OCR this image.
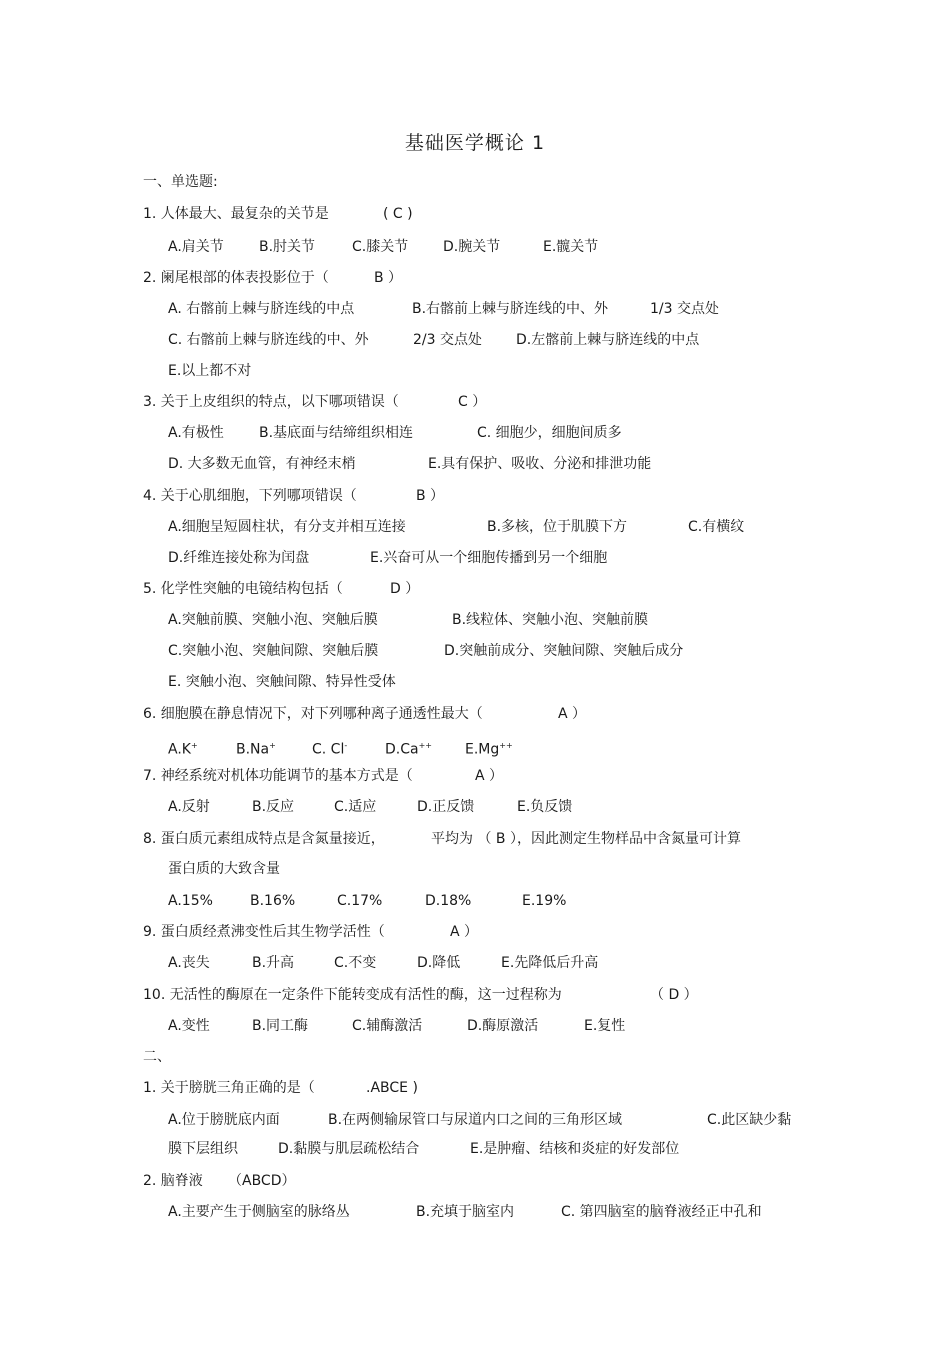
基础医学概论 1
一、单选题:
1. 人体最大、最复杂的关节是	( C )
A.肩关节	B.肘关节	C.膝关节 D.腕关节	E.髋关节
2. 阑尾根部的体表投影位于（	B ）
A. 右髂前上棘与脐连线的中点	B.右髂前上棘与脐连线的中、外	1/3 交点处
C. 右髂前上棘与脐连线的中、外	2/3 交点处 D.左髂前上棘与脐连线的中点
E.以上都不对
3. 关于上皮组织的特点，以下哪项错误（	C ）
A.有极性	B.基底面与结缔组织相连	C. 细胞少，细胞间质多
D. 大多数无血管，有神经末梢	E.具有保护、吸收、分泌和排泄功能
4. 关于心肌细胞，下列哪项错误（	B ）
A.细胞呈短圆柱状，有分支并相互连接	B.多核，位于肌膜下方	C.有横纹
D.纤维连接处称为闰盘	E.兴奋可从一个细胞传播到另一个细胞
5. 化学性突触的电镜结构包括（	D ）
A.突触前膜、突触小泡、突触后膜	B.线粒体、突触小泡、突触前膜
C.突触小泡、突触间隙、突触后膜	D.突触前成分、突触间隙、突触后成分
E. 突触小泡、突触间隙、特异性受体
6. 细胞膜在静息情况下，对下列哪种离子通透性最大（	A ）
A.K+	B.Na+	C. Cl-	D.Ca++ E.Mg++
7. 神经系统对机体功能调节的基本方式是（	A ）
A.反射	B.反应	C.适应	D.正反馈	E.负反馈
8. 蛋白质元素组成特点是含氮量接近，	平均为 （ B ），因此测定生物样品中含氮量可计算
蛋白质的大致含量
A.15%	B.16%	C.17%	D.18%	E.19%
9. 蛋白质经煮沸变性后其生物学活性（	A ）
A.丧失	B.升高	C.不变	D.降低	E.先降低后升高
10. 无活性的酶原在一定条件下能转变成有活性的酶，这一过程称为	（ D ）
A.变性	B.同工酶	C.辅酶激活	D.酶原激活	E.复性
二、
1. 关于膀胱三角正确的是（	.ABCE )
A.位于膀胱底内面	B.在两侧输尿管口与尿道内口之间的三角形区域	C.此区缺少黏
膜下层组织	D.黏膜与肌层疏松结合	E.是肿瘤、结核和炎症的好发部位
2. 脑脊液 （ABCD）
A.主要产生于侧脑室的脉络丛	B.充填于脑室内	C. 第四脑室的脑脊液经正中孔和
